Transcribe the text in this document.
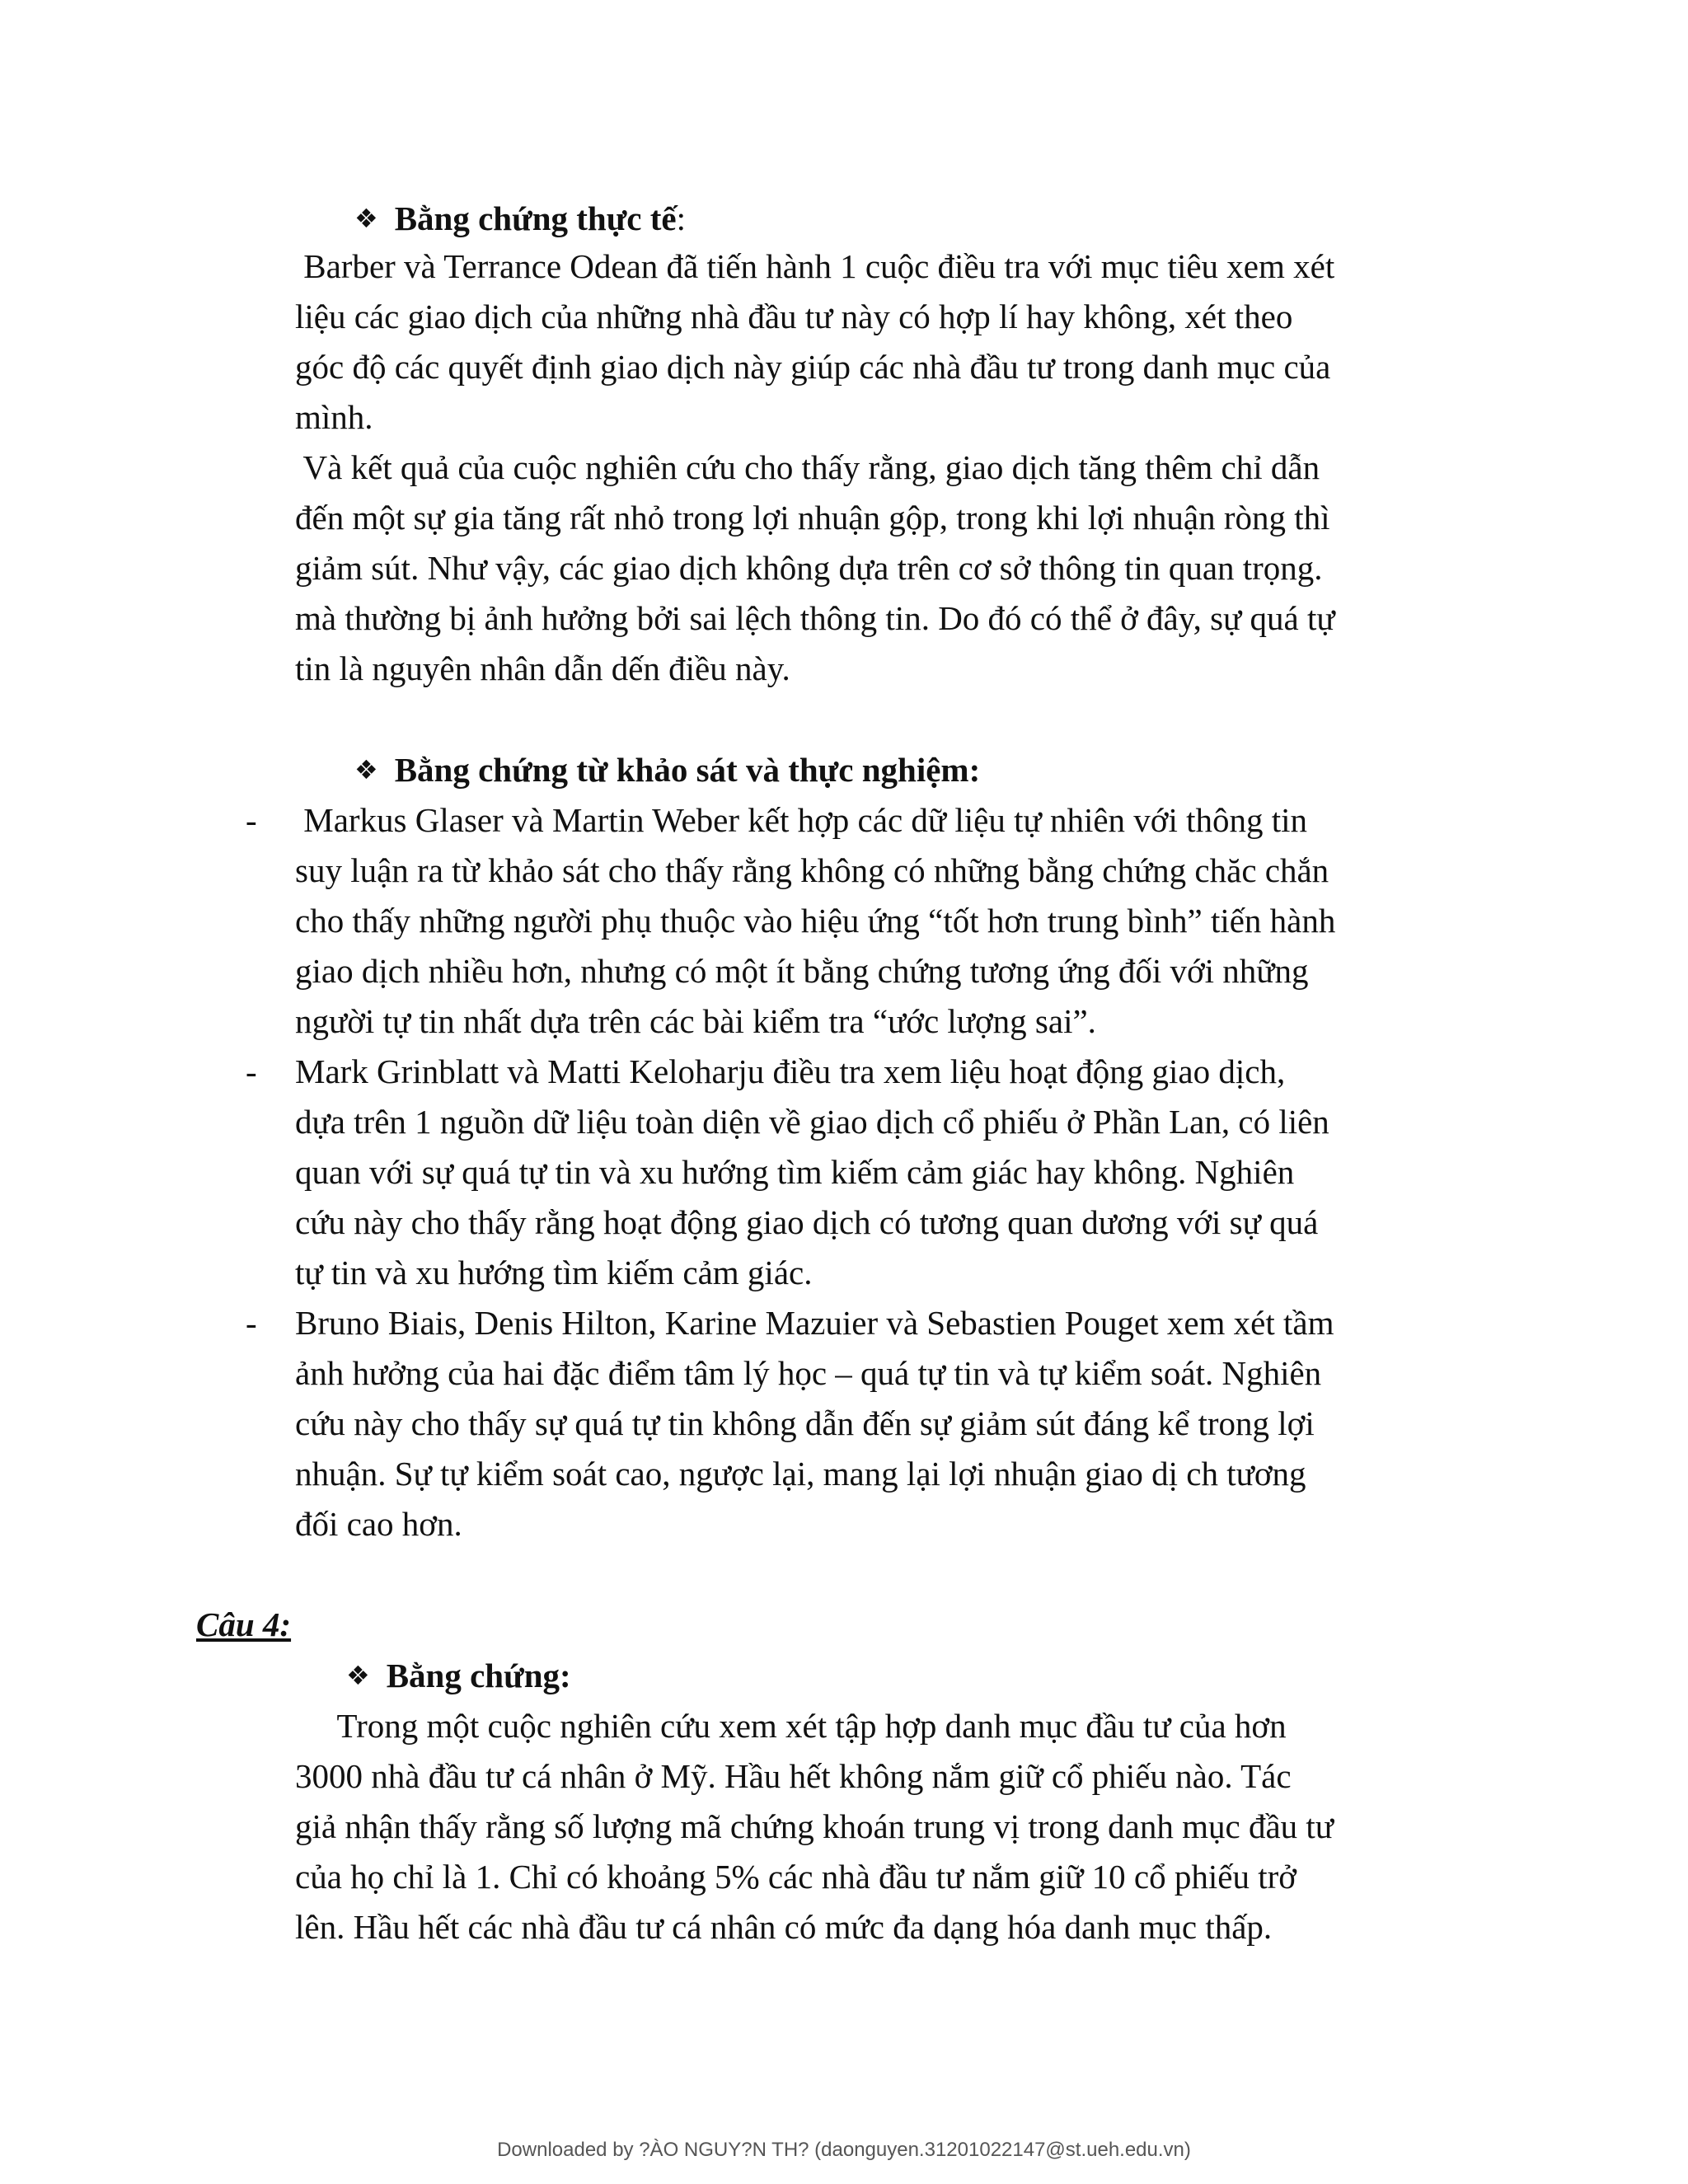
❖ Bằng chứng thực tế:
Barber và Terrance Odean đã tiến hành 1 cuộc điều tra với mục tiêu xem xét
liệu các giao dịch của những nhà đầu tư này có hợp lí hay không, xét theo
góc độ các quyết định giao dịch này giúp các nhà đầu tư trong danh mục của
mình.
Và kết quả của cuộc nghiên cứu cho thấy rằng, giao dịch tăng thêm chỉ dẫn
đến một sự gia tăng rất nhỏ trong lợi nhuận gộp, trong khi lợi nhuận ròng thì
giảm sút. Như vậy, các giao dịch không dựa trên cơ sở thông tin quan trọng.
mà thường bị ảnh hưởng bởi sai lệch thông tin. Do đó có thể ở đây, sự quá tự
tin là nguyên nhân dẫn dến điều này.
❖ Bằng chứng từ khảo sát và thực nghiệm:
- Markus Glaser và Martin Weber kết hợp các dữ liệu tự nhiên với thông tin
suy luận ra từ khảo sát cho thấy rằng không có những bằng chứng chăc chắn
cho thấy những người phụ thuộc vào hiệu ứng “tốt hơn trung bình” tiến hành
giao dịch nhiều hơn, nhưng có một ít bằng chứng tương ứng đối với những
người tự tin nhất dựa trên các bài kiểm tra “ước lượng sai”.
- Mark Grinblatt và Matti Keloharju điều tra xem liệu hoạt động giao dịch,
dựa trên 1 nguồn dữ liệu toàn diện về giao dịch cổ phiếu ở Phần Lan, có liên
quan với sự quá tự tin và xu hướng tìm kiếm cảm giác hay không. Nghiên
cứu này cho thấy rằng hoạt động giao dịch có tương quan dương với sự quá
tự tin và xu hướng tìm kiếm cảm giác.
- Bruno Biais, Denis Hilton, Karine Mazuier và Sebastien Pouget xem xét tầm
ảnh hưởng của hai đặc điểm tâm lý học – quá tự tin và tự kiểm soát. Nghiên
cứu này cho thấy sự quá tự tin không dẫn đến sự giảm sút đáng kể trong lợi
nhuận. Sự tự kiểm soát cao, ngược lại, mang lại lợi nhuận giao dị ch tương
đối cao hơn.
Câu 4:
❖ Bằng chứng:
Trong một cuộc nghiên cứu xem xét tập hợp danh mục đầu tư của hơn
3000 nhà đầu tư cá nhân ở Mỹ. Hầu hết không nắm giữ cổ phiếu nào. Tác
giả nhận thấy rằng số lượng mã chứng khoán trung vị trong danh mục đầu tư
của họ chỉ là 1. Chỉ có khoảng 5% các nhà đầu tư nắm giữ 10 cổ phiếu trở
lên. Hầu hết các nhà đầu tư cá nhân có mức đa dạng hóa danh mục thấp.
Downloaded by ?ÀO NGUY?N TH? (daonguyen.31201022147@st.ueh.edu.vn)
